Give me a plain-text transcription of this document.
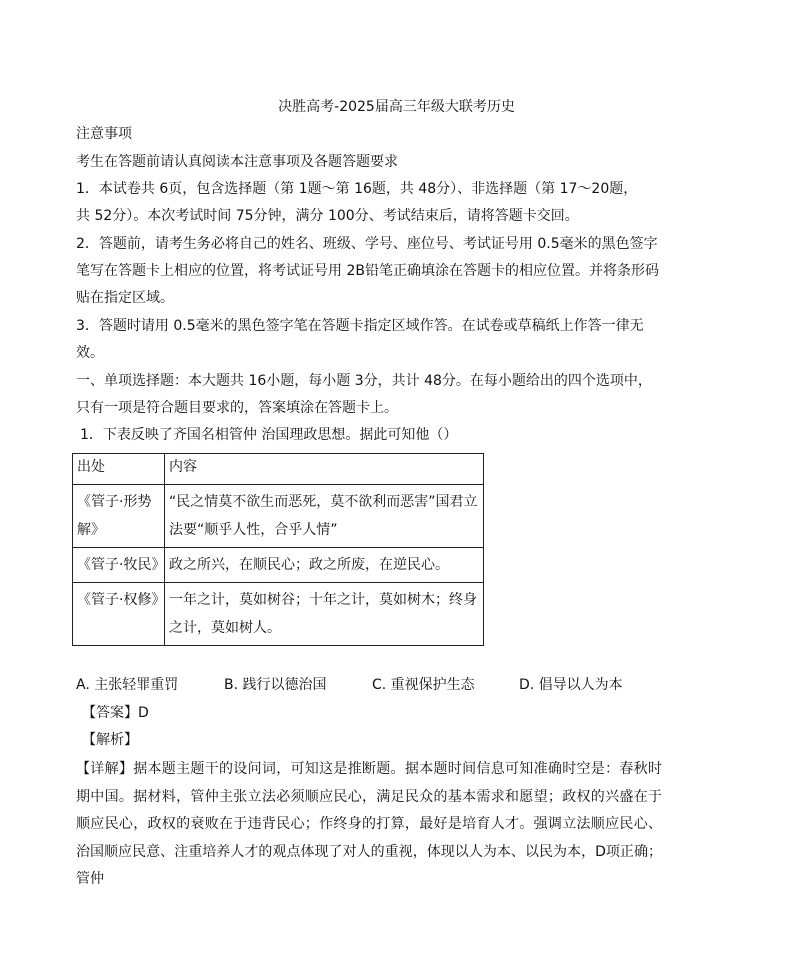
决胜高考-2025届高三年级大联考历史
注意事项
考生在答题前请认真阅读本注意事项及各题答题要求
1．本试卷共 6页，包含选择题（第 1题～第 16题，共 48分）、非选择题（第 17～20题，
共 52分）。本次考试时间 75分钟，满分 100分、考试结束后，请将答题卡交回。
2．答题前，请考生务必将自己的姓名、班级、学号、座位号、考试证号用 0.5毫米的黑色签字
笔写在答题卡上相应的位置，将考试证号用 2B铅笔正确填涂在答题卡的相应位置。并将条形码
贴在指定区域。
3．答题时请用 0.5毫米的黑色签字笔在答题卡指定区域作答。在试卷或草稿纸上作答一律无
效。
一、单项选择题：本大题共 16小题，每小题 3分，共计 48分。在每小题给出的四个选项中，
只有一项是符合题目要求的，答案填涂在答题卡上。
1．下表反映了齐国名相管仲 治国理政思想。据此可知他（）
出处	内容
《管子·形势解》	“民之情莫不欲生而恶死，莫不欲利而恶害”国君立法要“顺乎人性，合乎人情”
《管子·牧民》	政之所兴，在顺民心；政之所废，在逆民心。
《管子·权修》	一年之计，莫如树谷；十年之计，莫如树木；终身之计，莫如树人。
A. 主张轻罪重罚	B. 践行以德治国	C. 重视保护生态	D. 倡导以人为本
【答案】D
【解析】
【详解】据本题主题干的设问词，可知这是推断题。据本题时间信息可知准确时空是：春秋时期中国。据材料，管仲主张立法必须顺应民心，满足民众的基本需求和愿望；政权的兴盛在于顺应民心，政权的衰败在于违背民心；作终身的打算，最好是培育人才。强调立法顺应民心、治国顺应民意、注重培养人才的观点体现了对人的重视，体现以人为本、以民为本，D项正确；管仲
